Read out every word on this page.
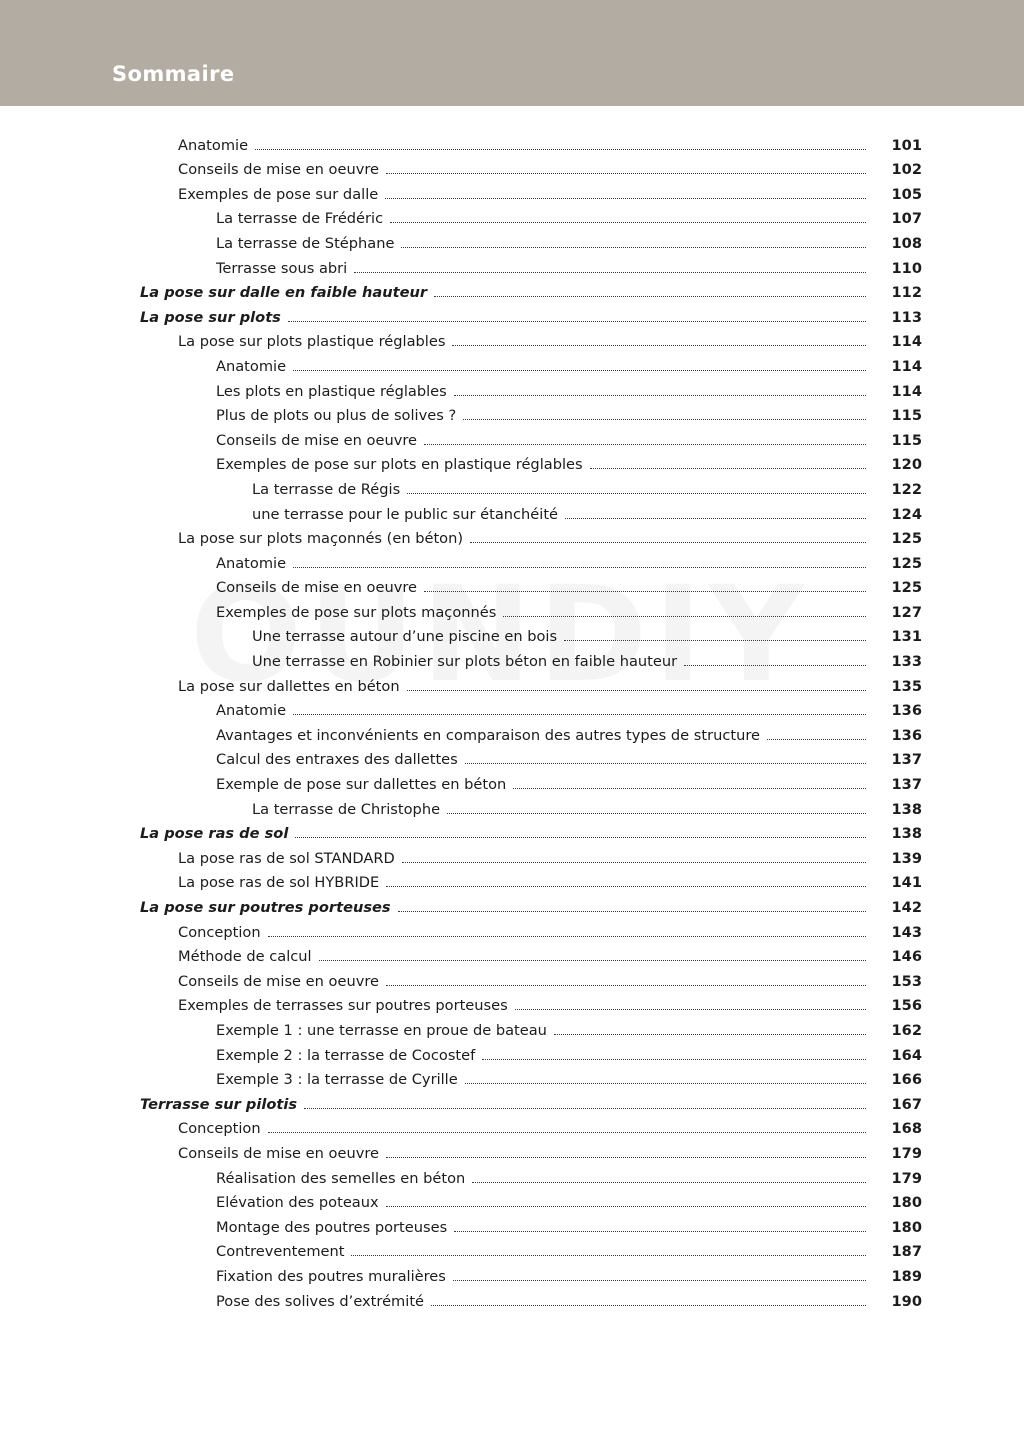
Sommaire
Anatomie	101
Conseils de mise en oeuvre	102
Exemples de pose sur dalle	105
La terrasse de Frédéric	107
La terrasse de Stéphane	108
Terrasse sous abri	110
La pose sur dalle en faible hauteur	112
La pose sur plots	113
La pose sur plots plastique réglables	114
Anatomie	114
Les plots en plastique réglables	114
Plus de plots ou plus de solives ?	115
Conseils de mise en oeuvre	115
Exemples de pose sur plots en plastique réglables	120
La terrasse de Régis	122
une terrasse pour le public sur étanchéité	124
La pose sur plots maçonnés (en béton)	125
Anatomie	125
Conseils de mise en oeuvre	125
Exemples de pose sur plots maçonnés	127
Une terrasse autour d’une piscine en bois	131
Une terrasse en Robinier sur plots béton en faible hauteur	133
La pose sur dallettes en béton	135
Anatomie	136
Avantages et inconvénients en comparaison des autres types de structure	136
Calcul des entraxes des dallettes	137
Exemple de pose sur dallettes en béton	137
La terrasse de Christophe	138
La pose ras de sol	138
La pose ras de sol STANDARD	139
La pose ras de sol HYBRIDE	141
La pose sur poutres porteuses	142
Conception	143
Méthode de calcul	146
Conseils de mise en oeuvre	153
Exemples de terrasses sur poutres porteuses	156
Exemple 1 : une terrasse en proue de bateau	162
Exemple 2 : la terrasse de Cocostef	164
Exemple 3 : la terrasse de Cyrille	166
Terrasse sur pilotis	167
Conception	168
Conseils de mise en oeuvre	179
Réalisation des semelles en béton	179
Elévation des poteaux	180
Montage des poutres porteuses	180
Contreventement	187
Fixation des poutres muralières	189
Pose des solives d’extrémité	190
